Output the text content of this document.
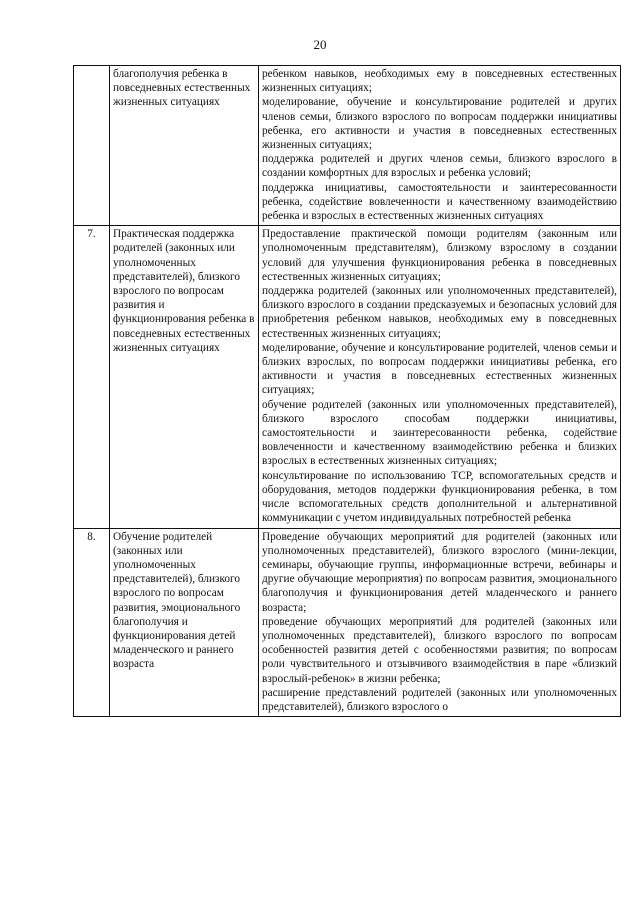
20
	благополучия ребенка в повседневных естественных жизненных ситуациях	ребенком навыков, необходимых ему в повседневных естественных жизненных ситуациях;

моделирование, обучение и консультирование родителей и других членов семьи, близкого взрослого по вопросам поддержки инициативы ребенка, его активности и участия в повседневных естественных жизненных ситуациях;

поддержка родителей и других членов семьи, близкого взрослого в создании комфортных для взрослых и ребенка условий;

поддержка инициативы, самостоятельности и заинтересованности ребенка, содействие вовлеченности и качественному взаимодействию ребенка и взрослых в естественных жизненных ситуациях

7.	Практическая поддержка родителей (законных или уполномоченных представителей), близкого взрослого по вопросам развития и функционирования ребенка в повседневных естественных жизненных ситуациях	Предоставление практической помощи родителям (законным или уполномоченным представителям), близкому взрослому в создании условий для улучшения функционирования ребенка в повседневных естественных жизненных ситуациях;

поддержка родителей (законных или уполномоченных представителей), близкого взрослого в создании предсказуемых и безопасных условий для приобретения ребенком навыков, необходимых ему в повседневных естественных жизненных ситуациях;

моделирование, обучение и консультирование родителей, членов семьи и близких взрослых, по вопросам поддержки инициативы ребенка, его активности и участия в повседневных естественных жизненных ситуациях;

обучение родителей (законных или уполномоченных представителей), близкого взрослого способам поддержки инициативы, самостоятельности и заинтересованности ребенка, содействие вовлеченности и качественному взаимодействию ребенка и близких взрослых в естественных жизненных ситуациях;

консультирование по использованию ТСР, вспомогательных средств и оборудования, методов поддержки функционирования ребенка, в том числе вспомогательных средств дополнительной и альтернативной коммуникации с учетом индивидуальных потребностей ребенка

8.	Обучение родителей (законных или уполномоченных представителей), близкого взрослого по вопросам развития, эмоционального благополучия и функционирования детей младенческого и раннего возраста	Проведение обучающих мероприятий для родителей (законных или уполномоченных представителей), близкого взрослого (мини-лекции, семинары, обучающие группы, информационные встречи, вебинары и другие обучающие мероприятия) по вопросам развития, эмоционального благополучия и функционирования детей младенческого и раннего возраста;

проведение обучающих мероприятий для родителей (законных или уполномоченных представителей), близкого взрослого по вопросам особенностей развития детей с особенностями развития; по вопросам роли чувствительного и отзывчивого взаимодействия в паре «близкий взрослый-ребенок» в жизни ребенка;

расширение представлений родителей (законных или уполномоченных представителей), близкого взрослого о
